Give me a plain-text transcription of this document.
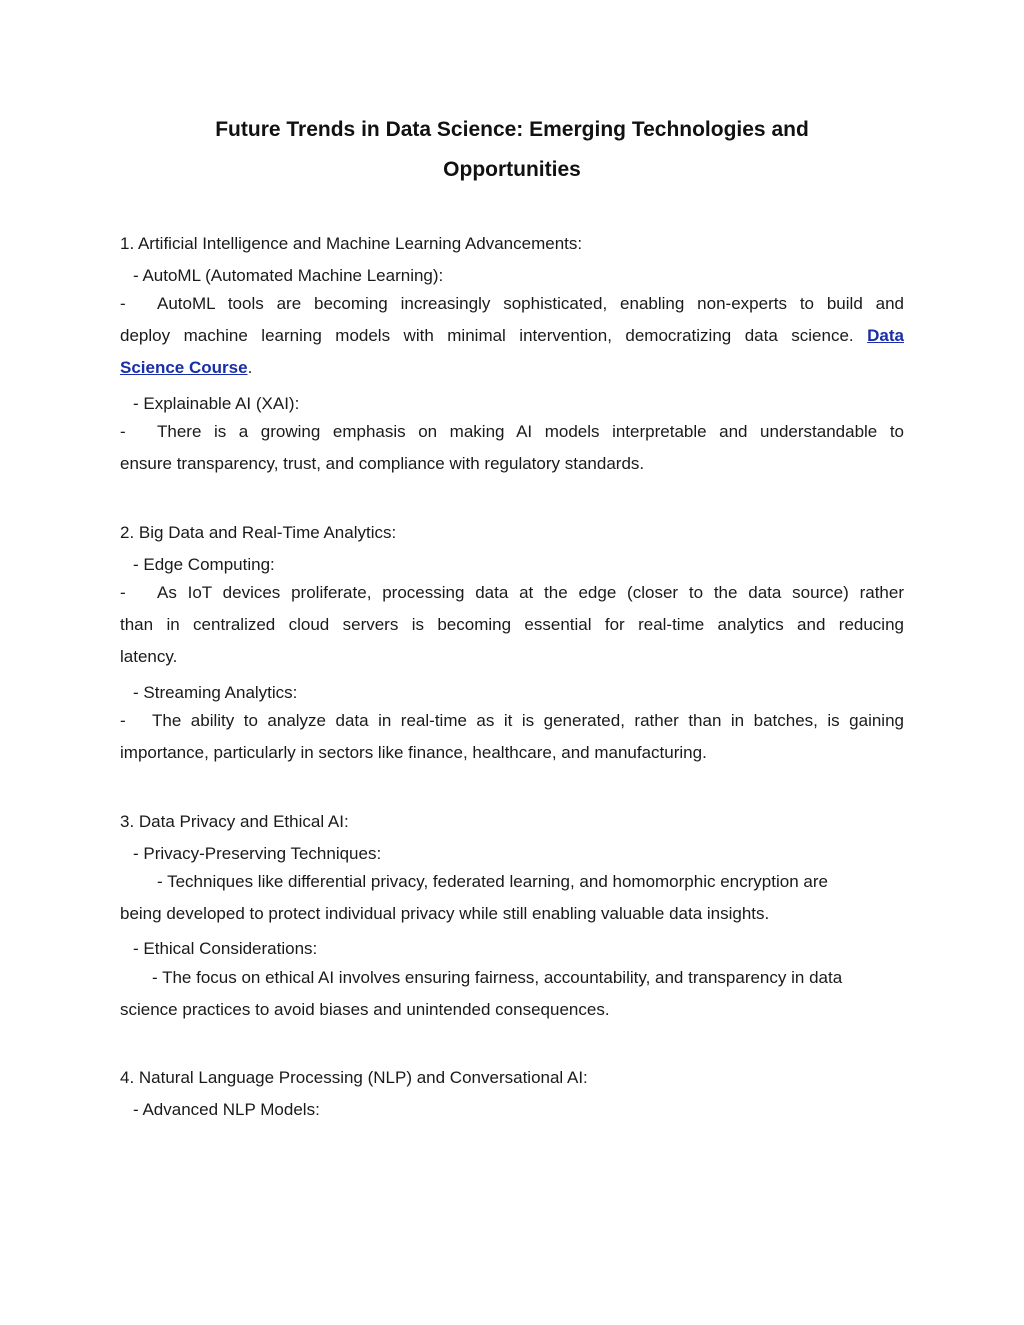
Future Trends in Data Science: Emerging Technologies and
Opportunities

1. Artificial Intelligence and Machine Learning Advancements:

- AutoML (Automated Machine Learning):

- AutoML tools are becoming increasingly sophisticated, enabling non-experts to build and

deploy machine learning models with minimal intervention, democratizing data science. Data

Science Course.

- Explainable AI (XAI):

- There is a growing emphasis on making AI models interpretable and understandable to

ensure transparency, trust, and compliance with regulatory standards.

2. Big Data and Real-Time Analytics:

- Edge Computing:

- As IoT devices proliferate, processing data at the edge (closer to the data source) rather

than in centralized cloud servers is becoming essential for real-time analytics and reducing

latency.

- Streaming Analytics:

- The ability to analyze data in real-time as it is generated, rather than in batches, is gaining

importance, particularly in sectors like finance, healthcare, and manufacturing.

3. Data Privacy and Ethical AI:

- Privacy-Preserving Techniques:

- Techniques like differential privacy, federated learning, and homomorphic encryption are

being developed to protect individual privacy while still enabling valuable data insights.

- Ethical Considerations:

- The focus on ethical AI involves ensuring fairness, accountability, and transparency in data

science practices to avoid biases and unintended consequences.

4. Natural Language Processing (NLP) and Conversational AI:

- Advanced NLP Models:
